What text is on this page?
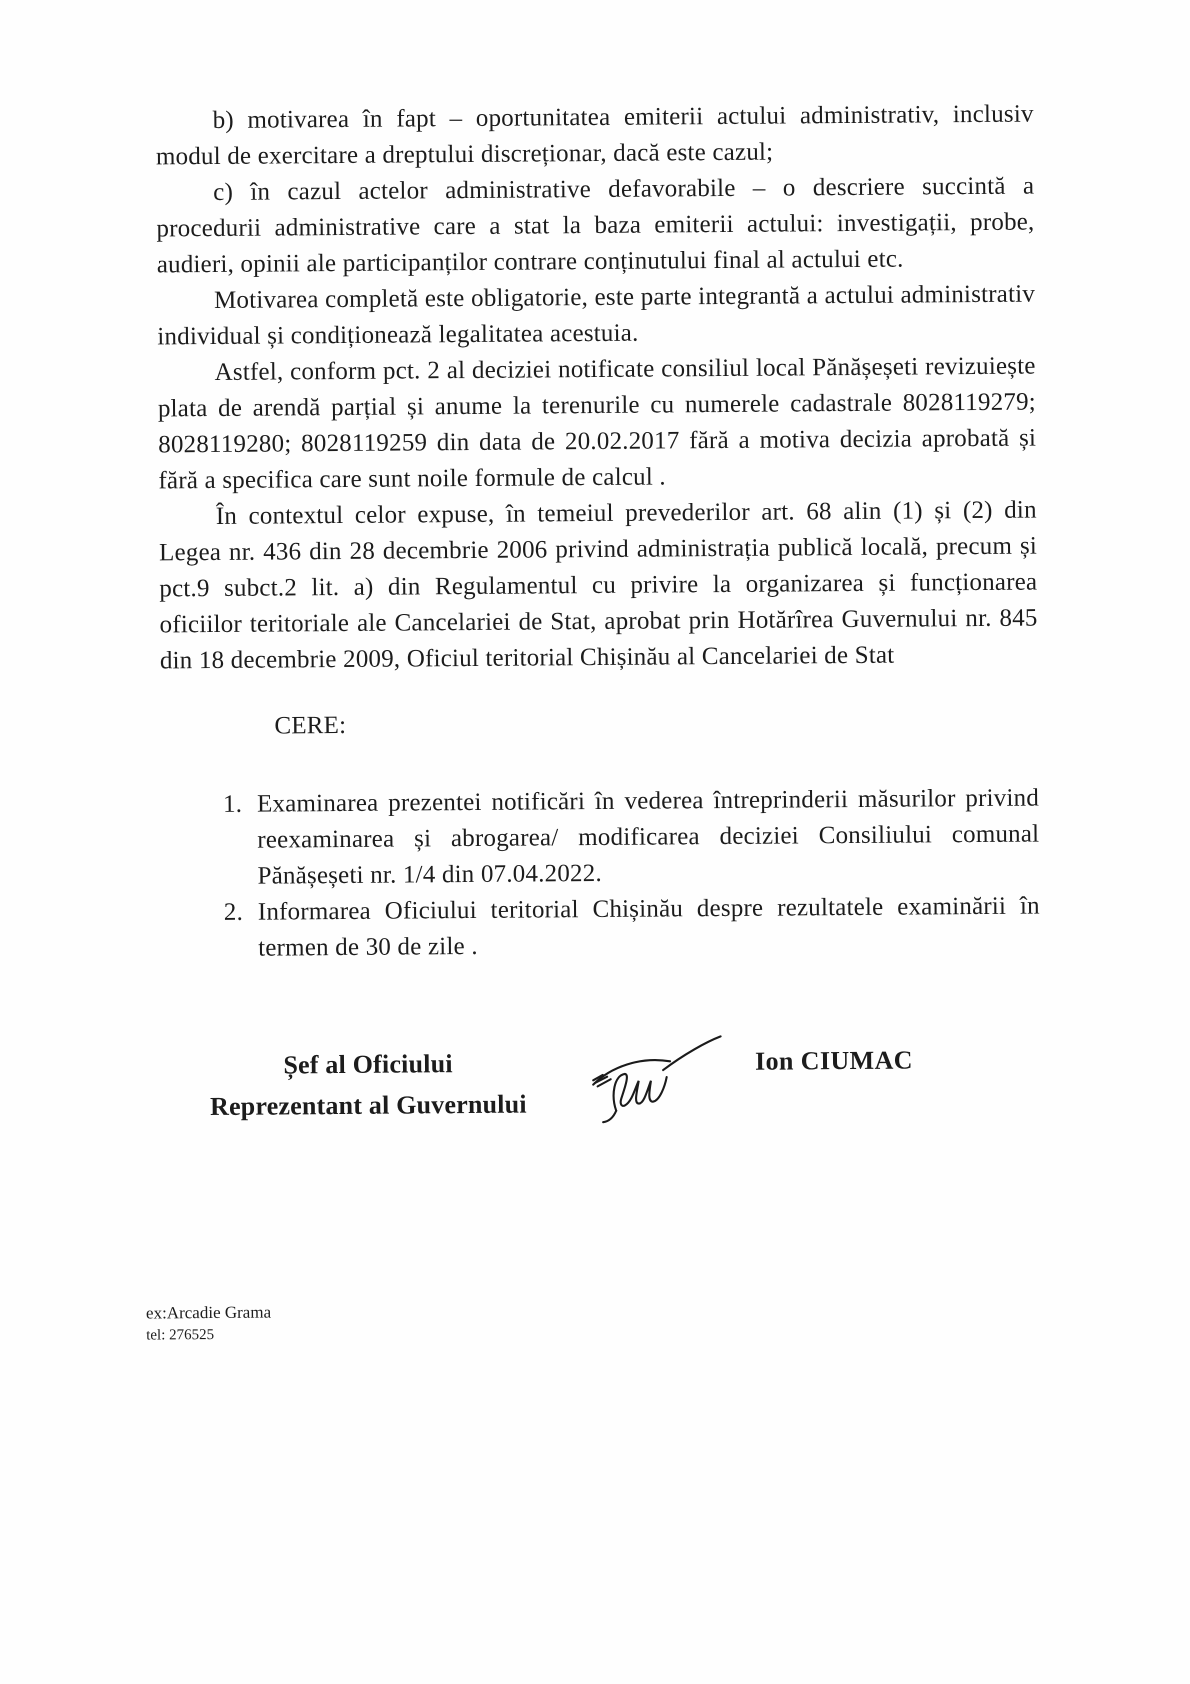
b) motivarea în fapt – oportunitatea emiterii actului administrativ, inclusiv modul de exercitare a dreptului discreționar, dacă este cazul;

c) în cazul actelor administrative defavorabile – o descriere succintă a procedurii administrative care a stat la baza emiterii actului: investigații, probe, audieri, opinii ale participanților contrare conținutului final al actului etc.

Motivarea completă este obligatorie, este parte integrantă a actului administrativ individual și condiționează legalitatea acestuia.

Astfel, conform pct. 2 al deciziei notificate consiliul local Pănășeșeti revizuiește plata de arendă parțial și anume la terenurile cu numerele cadastrale 8028119279; 8028119280; 8028119259 din data de 20.02.2017 fără a motiva decizia aprobată și fără a specifica care sunt noile formule de calcul .

În contextul celor expuse, în temeiul prevederilor art. 68 alin (1) și (2) din Legea nr. 436 din 28 decembrie 2006 privind administrația publică locală, precum și pct.9 subct.2 lit. a) din Regulamentul cu privire la organizarea și funcționarea oficiilor teritoriale ale Cancelariei de Stat, aprobat prin Hotărîrea Guvernului nr. 845 din 18 decembrie 2009, Oficiul teritorial Chișinău al Cancelariei de Stat

CERE:

1. Examinarea prezentei notificări în vederea întreprinderii măsurilor privind reexaminarea și abrogarea/ modificarea deciziei Consiliului comunal Pănășeșeti nr. 1/4 din 07.04.2022.
2. Informarea Oficiului teritorial Chișinău despre rezultatele examinării în termen de 30 de zile .
Șef al Oficiului
Reprezentant al Guvernului
Ion CIUMAC
ex:Arcadie Grama
tel: 276525
